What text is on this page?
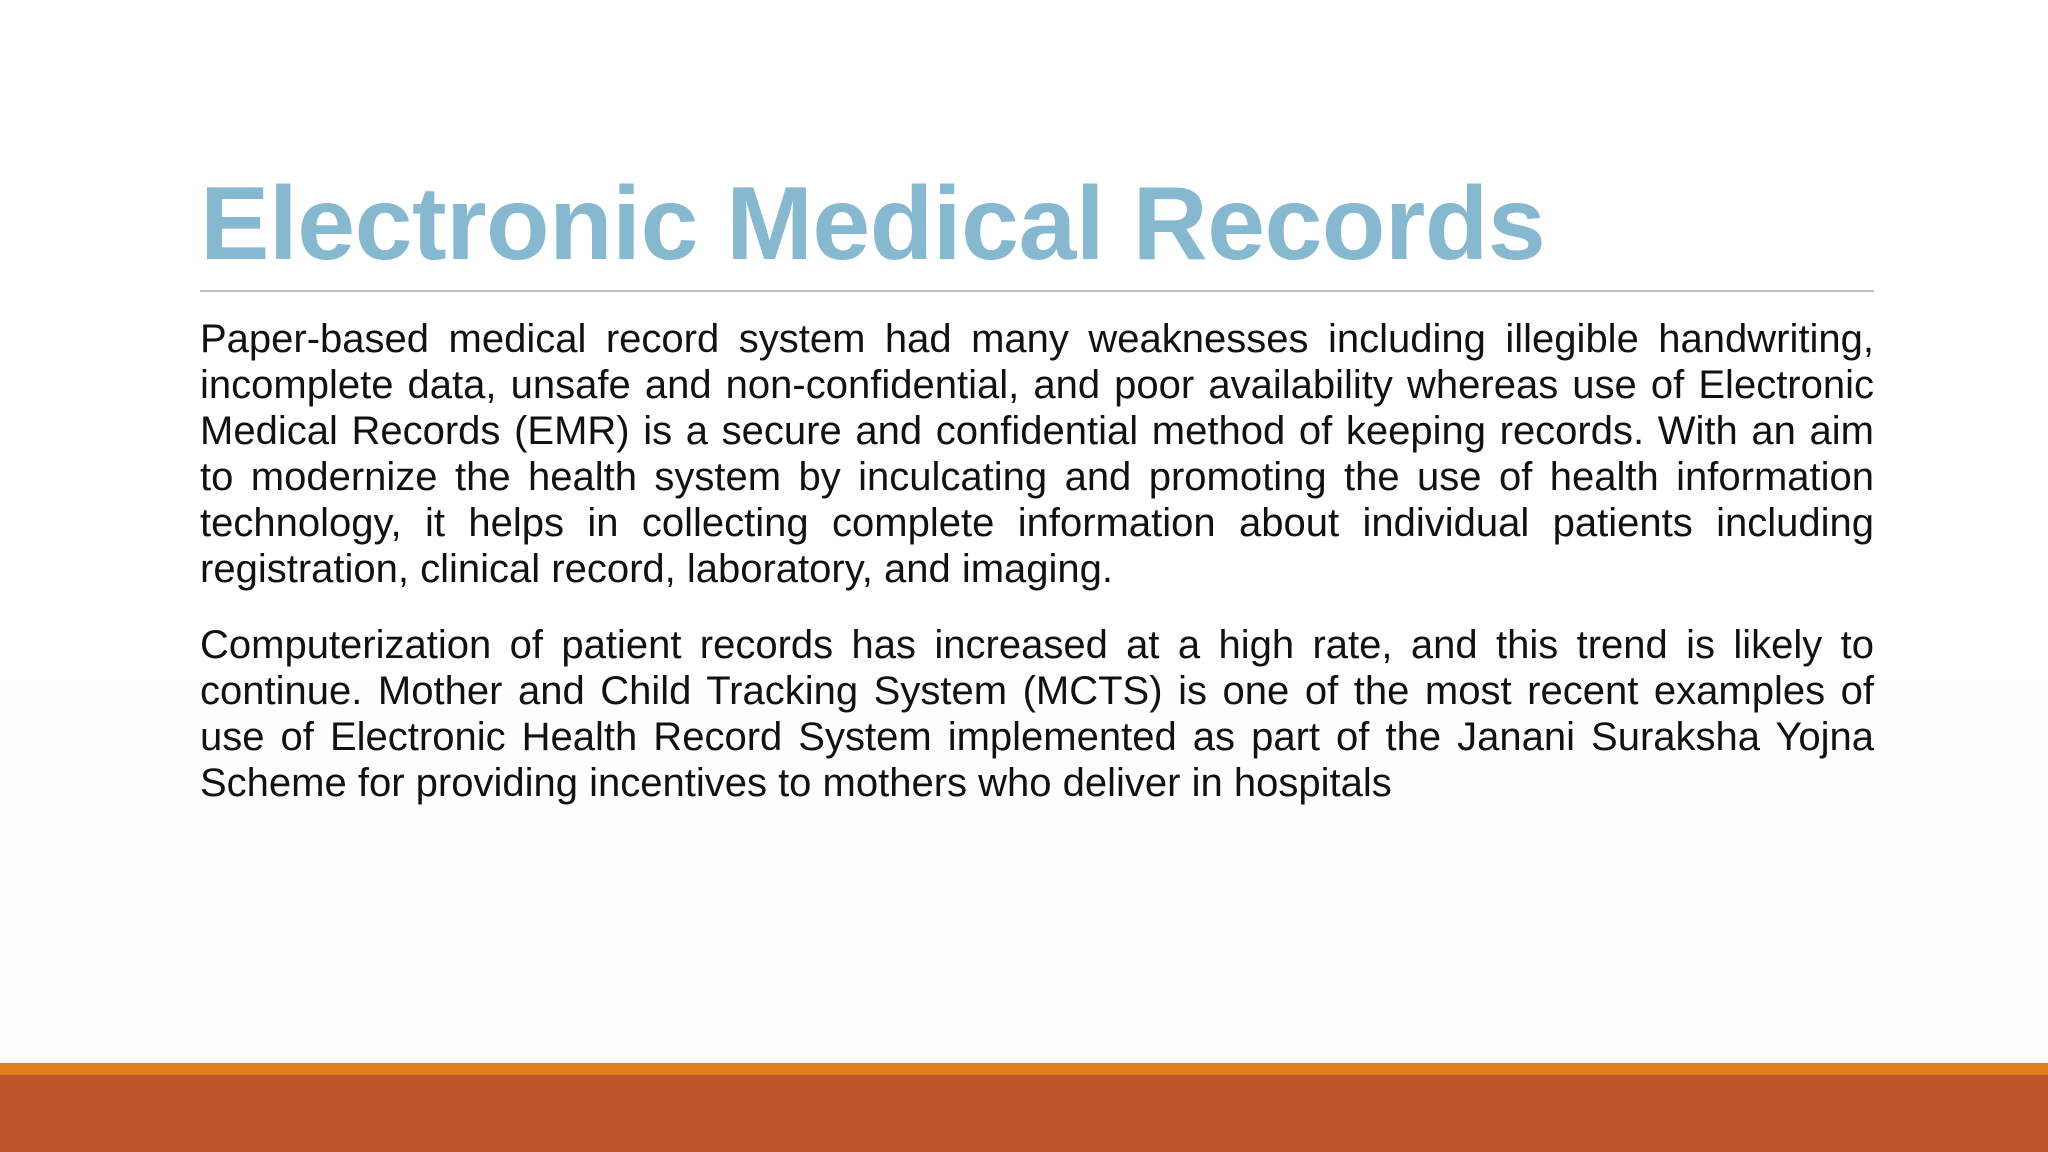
Electronic Medical Records

Paper-based medical record system had many weaknesses including illegible handwriting, incomplete data, unsafe and non-confidential, and poor availability whereas use of Electronic Medical Records (EMR) is a secure and confidential method of keeping records. With an aim to modernize the health system by inculcating and promoting the use of health information technology, it helps in collecting complete information about individual patients including registration, clinical record, laboratory, and imaging.

Computerization of patient records has increased at a high rate, and this trend is likely to continue. Mother and Child Tracking System (MCTS) is one of the most recent examples of use of Electronic Health Record System implemented as part of the Janani Suraksha Yojna Scheme for providing incentives to mothers who deliver in hospitals
